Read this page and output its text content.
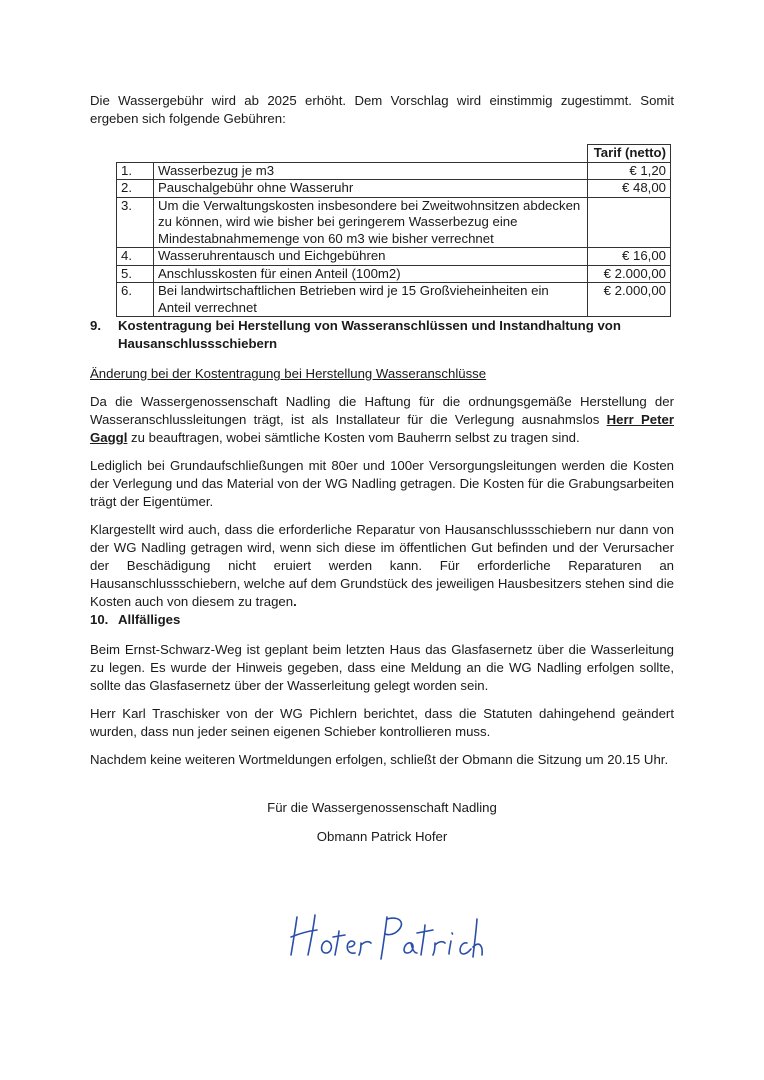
Die Wassergebühr wird ab 2025 erhöht. Dem Vorschlag wird einstimmig zugestimmt. Somit ergeben sich folgende Gebühren:

		Tarif (netto)
1.	Wasserbezug je m3	€ 1,20
2.	Pauschalgebühr ohne Wasseruhr	€ 48,00
3.	Um die Verwaltungskosten insbesondere bei Zweitwohnsitzen abdecken zu können, wird wie bisher bei geringerem Wasserbezug eine Mindestabnahmemenge von 60 m3 wie bisher verrechnet	
4.	Wasseruhrentausch und Eichgebühren	€ 16,00
5.	Anschlusskosten für einen Anteil (100m2)	€ 2.000,00
6.	Bei landwirtschaftlichen Betrieben wird je 15 Großvieheinheiten ein Anteil verrechnet	€ 2.000,00
9.	Kostentragung bei Herstellung von Wasseranschlüssen und Instandhaltung von Hausanschlussschiebern

Änderung bei der Kostentragung bei Herstellung Wasseranschlüsse

Da die Wassergenossenschaft Nadling die Haftung für die ordnungsgemäße Herstellung der Wasseranschlussleitungen trägt, ist als Installateur für die Verlegung ausnahmslos Herr Peter Gaggl zu beauftragen, wobei sämtliche Kosten vom Bauherrn selbst zu tragen sind.

Lediglich bei Grundaufschließungen mit 80er und 100er Versorgungsleitungen werden die Kosten der Verlegung und das Material von der WG Nadling getragen. Die Kosten für die Grabungsarbeiten trägt der Eigentümer.

Klargestellt wird auch, dass die erforderliche Reparatur von Hausanschlussschiebern nur dann von der WG Nadling getragen wird, wenn sich diese im öffentlichen Gut befinden und der Verursacher der Beschädigung nicht eruiert werden kann. Für erforderliche Reparaturen an Hausanschlussschiebern, welche auf dem Grundstück des jeweiligen Hausbesitzers stehen sind die Kosten auch von diesem zu tragen.

10. Allfälliges

Beim Ernst-Schwarz-Weg ist geplant beim letzten Haus das Glasfasernetz über die Wasserleitung zu legen. Es wurde der Hinweis gegeben, dass eine Meldung an die WG Nadling erfolgen sollte, sollte das Glasfasernetz über der Wasserleitung gelegt worden sein.

Herr Karl Traschisker von der WG Pichlern berichtet, dass die Statuten dahingehend geändert wurden, dass nun jeder seinen eigenen Schieber kontrollieren muss.

Nachdem keine weiteren Wortmeldungen erfolgen, schließt der Obmann die Sitzung um 20.15 Uhr.

Für die Wassergenossenschaft Nadling
Obmann Patrick Hofer
